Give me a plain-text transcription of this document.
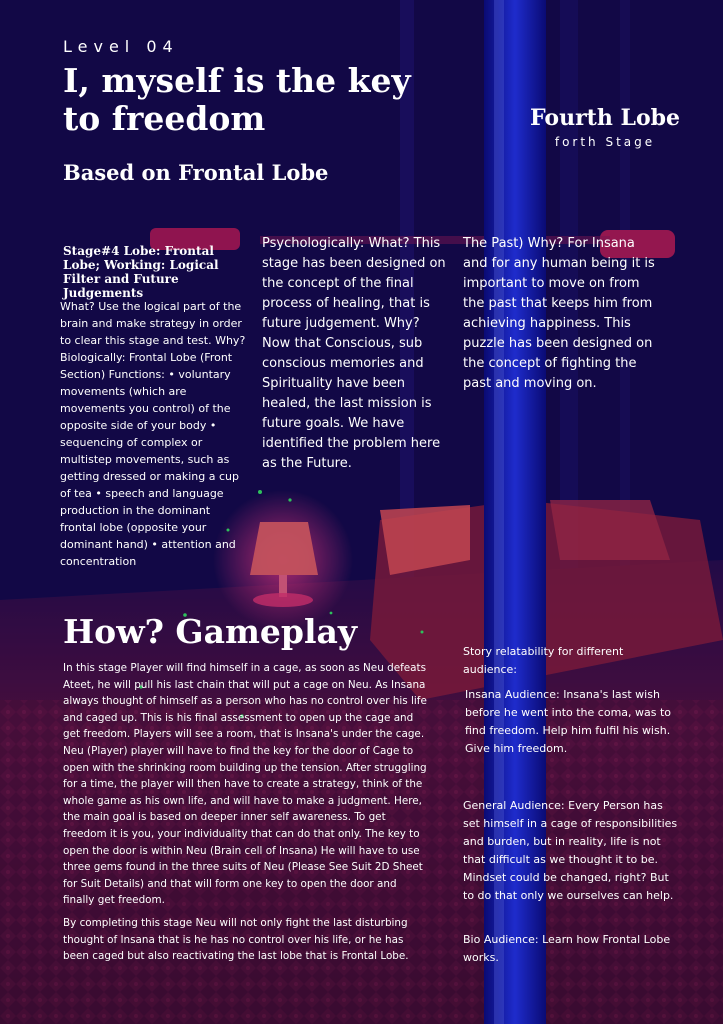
Level 04
I, myself is the key to freedom
Based on Frontal Lobe
Fourth Lobe
forth Stage
Stage#4 Lobe: Frontal Lobe; Working: Logical Filter and Future Judgements
What? Use the logical part of the brain and make strategy in order to clear this stage and test. Why? Biologically: Frontal Lobe (Front Section) Functions: • voluntary movements (which are movements you control) of the opposite side of your body • sequencing of complex or multistep movements, such as getting dressed or making a cup of tea • speech and language production in the dominant frontal lobe (opposite your dominant hand) • attention and concentration
Psychologically: What? This stage has been designed on the concept of the final process of healing, that is future judgement. Why? Now that Conscious, sub conscious memories and Spirituality have been healed, the last mission is future goals. We have identified the problem here as the Future.
The Past) Why? For Insana and for any human being it is important to move on from the past that keeps him from achieving happiness. This puzzle has been designed on the concept of fighting the past and moving on.
How? Gameplay
In this stage Player will find himself in a cage, as soon as Neu defeats Ateet, he will pull his last chain that will put a cage on Neu. As Insana always thought of himself as a person who has no control over his life and caged up. This is his final assessment to open up the cage and get freedom. Players will see a room, that is Insana's under the cage. Neu (Player) player will have to find the key for the door of Cage to open with the shrinking room building up the tension. After struggling for a time, the player will then have to create a strategy, think of the whole game as his own life, and will have to make a judgment. Here, the main goal is based on deeper inner self awareness. To get freedom it is you, your individuality that can do that only. The key to open the door is within Neu (Brain cell of Insana) He will have to use three gems found in the three suits of Neu (Please See Suit 2D Sheet for Suit Details) and that will form one key to open the door and finally get freedom.
By completing this stage Neu will not only fight the last disturbing thought of Insana that is he has no control over his life, or he has been caged but also reactivating the last lobe that is Frontal Lobe.
Story relatability for different audience:
Insana Audience: Insana's last wish before he went into the coma, was to find freedom. Help him fulfil his wish. Give him freedom.
General Audience: Every Person has set himself in a cage of responsibilities and burden, but in reality, life is not that difficult as we thought it to be. Mindset could be changed, right? But to do that only we ourselves can help.
Bio Audience: Learn how Frontal Lobe works.
